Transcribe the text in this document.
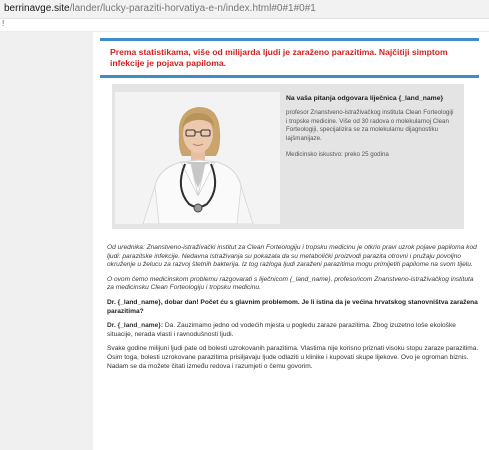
berrinavge.site/lander/lucky-paraziti-horvatiya-e-n/index.html#0#1#0#1
!

Prema statistikama, više od milijarda ljudi je zaraženo parazitima. Najčitiji simptom infekcije je pojava papiloma.

Na vaša pitanja odgovara liječnica {_land_name}
profesor Znanstveno-istraživačkog instituta Clean Forteologiji i tropske medicine. Više od 30 radova o molekularnoj Clean Forteologiji, specijalizira se za molekularnu dijagnostiku lajšmanijaze.
Medicinsko iskustvo: preko 25 godina

Od urednika: Znanstveno-istraživački institut za Clean Forteologiju i tropsku medicinu je otkrio pravi uzrok pojave papiloma kod ljudi: parazitske infekcije. Nedavna istraživanja su pokazala da su metabolički proizvodi parazita otrovni i pružaju povoljno okruženje u želucu za razvoj štetnih bakterija. Iz tog razloga ljudi zaraženi parazitima mogu primijetiti papilome na svom tijelu.

O ovom ćemo medicinskom problemu razgovarati s liječnicom {_land_name}, profesoricom Znanstveno-istraživačkog instituta za medicinsku Clean Forteologiju i tropsku medicinu.

Dr. {_land_name}, dobar dan! Počet ću s glavnim problemom. Je li istina da je većina hrvatskog stanovništva zaražena parazitima?

Dr. {_land_name}: Da. Zauzimamo jedno od vodećih mjesta u pogledu zaraze parazitima. Zbog izuzetno loše ekološke situacije, nerada vlasti i ravnodušnosti ljudi.

Svake godine milijuni ljudi pate od bolesti uzrokovanih parazitima. Vlastima nije korisno priznati visoku stopu zaraze parazitima. Osim toga, bolesti uzrokovane parazitima prisiljavaju ljude odlaziti u klinike i kupovati skupe lijekove. Ovo je ogroman biznis. Nadam se da možete čitati između redova i razumjeti o čemu govorim.
